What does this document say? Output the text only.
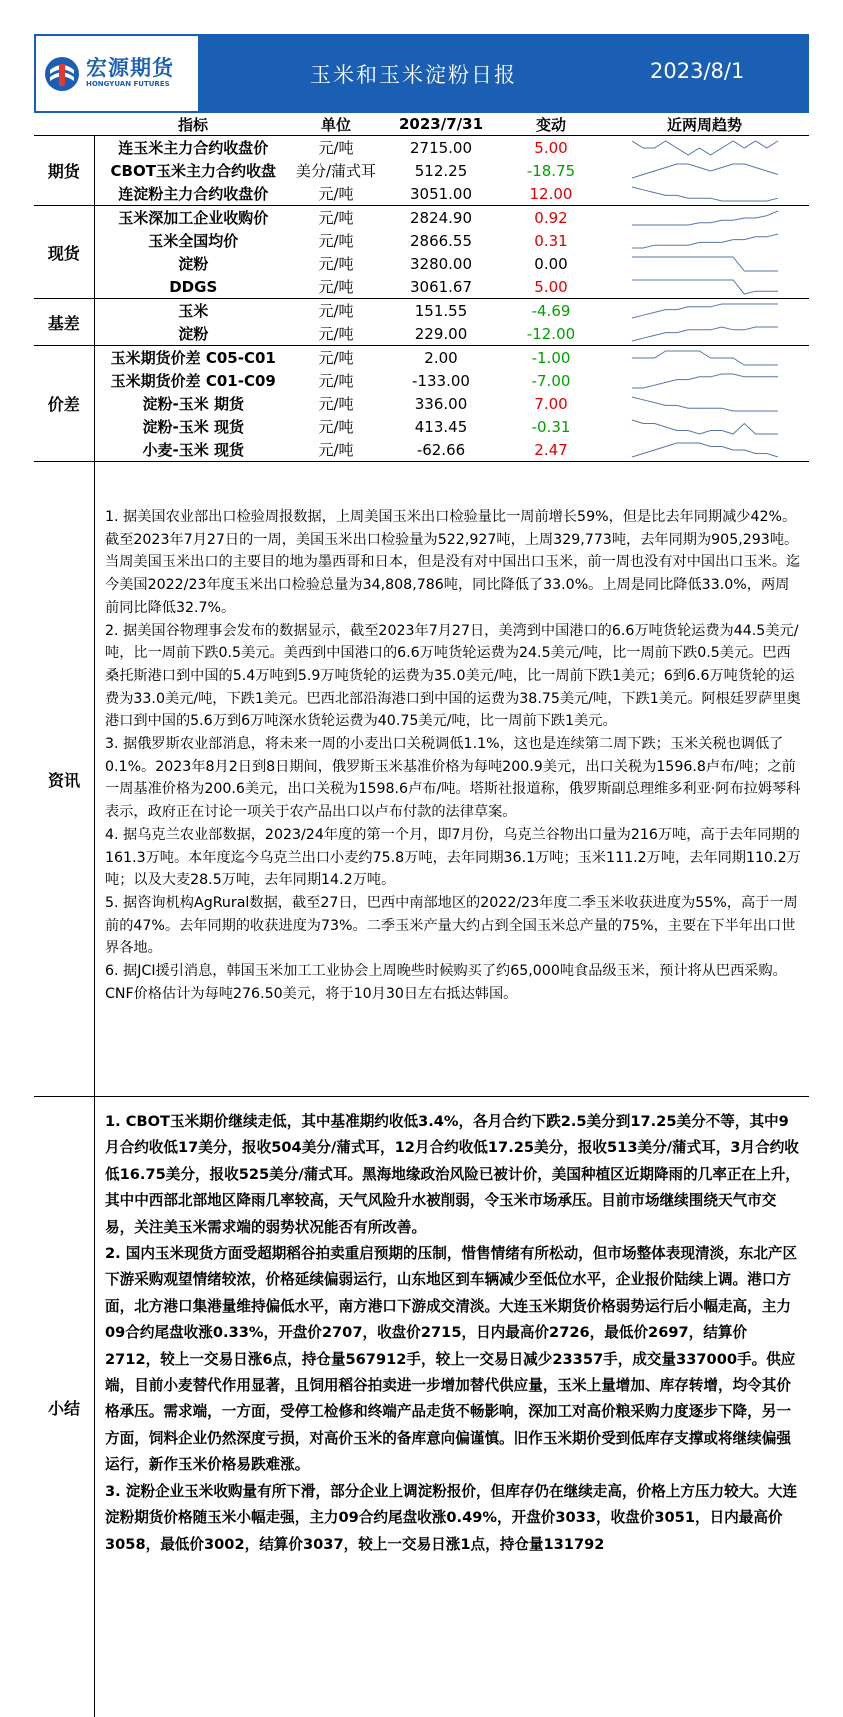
宏源期货
HONGYUAN FUTURES	玉米和玉米淀粉日报	2023/8/1
	指标	单位	2023/7/31	变动	近两周趋势
期货	连玉米主力合约收盘价	元/吨	2715.00	5.00	

	CBOT玉米主力合约收盘	美分/蒲式耳	512.25	-18.75	

	连淀粉主力合约收盘价	元/吨	3051.00	12.00	

现货	玉米深加工企业收购价	元/吨	2824.90	0.92	

	玉米全国均价	元/吨	2866.55	0.31	

	淀粉	元/吨	3280.00	0.00	

	DDGS	元/吨	3061.67	5.00	

基差	玉米	元/吨	151.55	-4.69	

	淀粉	元/吨	229.00	-12.00	

价差	玉米期货价差 C05-C01	元/吨	2.00	-1.00	

	玉米期货价差 C01-C09	元/吨	-133.00	-7.00	

	淀粉-玉米 期货	元/吨	336.00	7.00	

	淀粉-玉米 现货	元/吨	413.45	-0.31	

	小麦-玉米 现货	元/吨	-62.66	2.47	
资讯

1. 据美国农业部出口检验周报数据，上周美国玉米出口检验量比一周前增长59%，但是比去年同期减少42%。截至2023年7月27日的一周，美国玉米出口检验量为522,927吨，上周329,773吨，去年同期为905,293吨。当周美国玉米出口的主要目的地为墨西哥和日本，但是没有对中国出口玉米，前一周也没有对中国出口玉米。迄今美国2022/23年度玉米出口检验总量为34,808,786吨，同比降低了33.0%。上周是同比降低33.0%，两周前同比降低32.7%。

2. 据美国谷物理事会发布的数据显示，截至2023年7月27日，美湾到中国港口的6.6万吨货轮运费为44.5美元/吨，比一周前下跌0.5美元。美西到中国港口的6.6万吨货轮运费为24.5美元/吨，比一周前下跌0.5美元。巴西桑托斯港口到中国的5.4万吨到5.9万吨货轮的运费为35.0美元/吨，比一周前下跌1美元；6到6.6万吨货轮的运费为33.0美元/吨，下跌1美元。巴西北部沿海港口到中国的运费为38.75美元/吨，下跌1美元。阿根廷罗萨里奥港口到中国的5.6万到6万吨深水货轮运费为40.75美元/吨，比一周前下跌1美元。

3. 据俄罗斯农业部消息，将未来一周的小麦出口关税调低1.1%，这也是连续第二周下跌；玉米关税也调低了0.1%。2023年8月2日到8日期间，俄罗斯玉米基准价格为每吨200.9美元，出口关税为1596.8卢布/吨；之前一周基准价格为200.6美元，出口关税为1598.6卢布/吨。塔斯社报道称，俄罗斯副总理维多利亚·阿布拉姆琴科表示，政府正在讨论一项关于农产品出口以卢布付款的法律草案。

4. 据乌克兰农业部数据，2023/24年度的第一个月，即7月份，乌克兰谷物出口量为216万吨，高于去年同期的161.3万吨。本年度迄今乌克兰出口小麦约75.8万吨，去年同期36.1万吨；玉米111.2万吨，去年同期110.2万吨；以及大麦28.5万吨，去年同期14.2万吨。

5. 据咨询机构AgRural数据，截至27日，巴西中南部地区的2022/23年度二季玉米收获进度为55%，高于一周前的47%。去年同期的收获进度为73%。二季玉米产量大约占到全国玉米总产量的75%，主要在下半年出口世界各地。

6. 据JCI援引消息，韩国玉米加工工业协会上周晚些时候购买了约65,000吨食品级玉米，预计将从巴西采购。CNF价格估计为每吨276.50美元，将于10月30日左右抵达韩国。

小结

1. CBOT玉米期价继续走低，其中基准期约收低3.4%，各月合约下跌2.5美分到17.25美分不等，其中9月合约收低17美分，报收504美分/蒲式耳，12月合约收低17.25美分，报收513美分/蒲式耳，3月合约收低16.75美分，报收525美分/蒲式耳。黑海地缘政治风险已被计价，美国种植区近期降雨的几率正在上升，其中中西部北部地区降雨几率较高，天气风险升水被削弱，令玉米市场承压。目前市场继续围绕天气市交易，关注美玉米需求端的弱势状况能否有所改善。

2. 国内玉米现货方面受超期稻谷拍卖重启预期的压制，惜售情绪有所松动，但市场整体表现清淡，东北产区下游采购观望情绪较浓，价格延续偏弱运行，山东地区到车辆减少至低位水平，企业报价陆续上调。港口方面，北方港口集港量维持偏低水平，南方港口下游成交清淡。大连玉米期货价格弱势运行后小幅走高，主力09合约尾盘收涨0.33%，开盘价2707，收盘价2715，日内最高价2726，最低价2697，结算价2712，较上一交易日涨6点，持仓量567912手，较上一交易日减少23357手，成交量337000手。供应端，目前小麦替代作用显著，且饲用稻谷拍卖进一步增加替代供应量，玉米上量增加、库存转增，均令其价格承压。需求端，一方面，受停工检修和终端产品走货不畅影响，深加工对高价粮采购力度逐步下降，另一方面，饲料企业仍然深度亏损，对高价玉米的备库意向偏谨慎。旧作玉米期价受到低库存支撑或将继续偏强运行，新作玉米价格易跌难涨。

3. 淀粉企业玉米收购量有所下滑，部分企业上调淀粉报价，但库存仍在继续走高，价格上方压力较大。大连淀粉期货价格随玉米小幅走强，主力09合约尾盘收涨0.49%，开盘价3033，收盘价3051，日内最高价3058，最低价3002，结算价3037，较上一交易日涨1点，持仓量131792
